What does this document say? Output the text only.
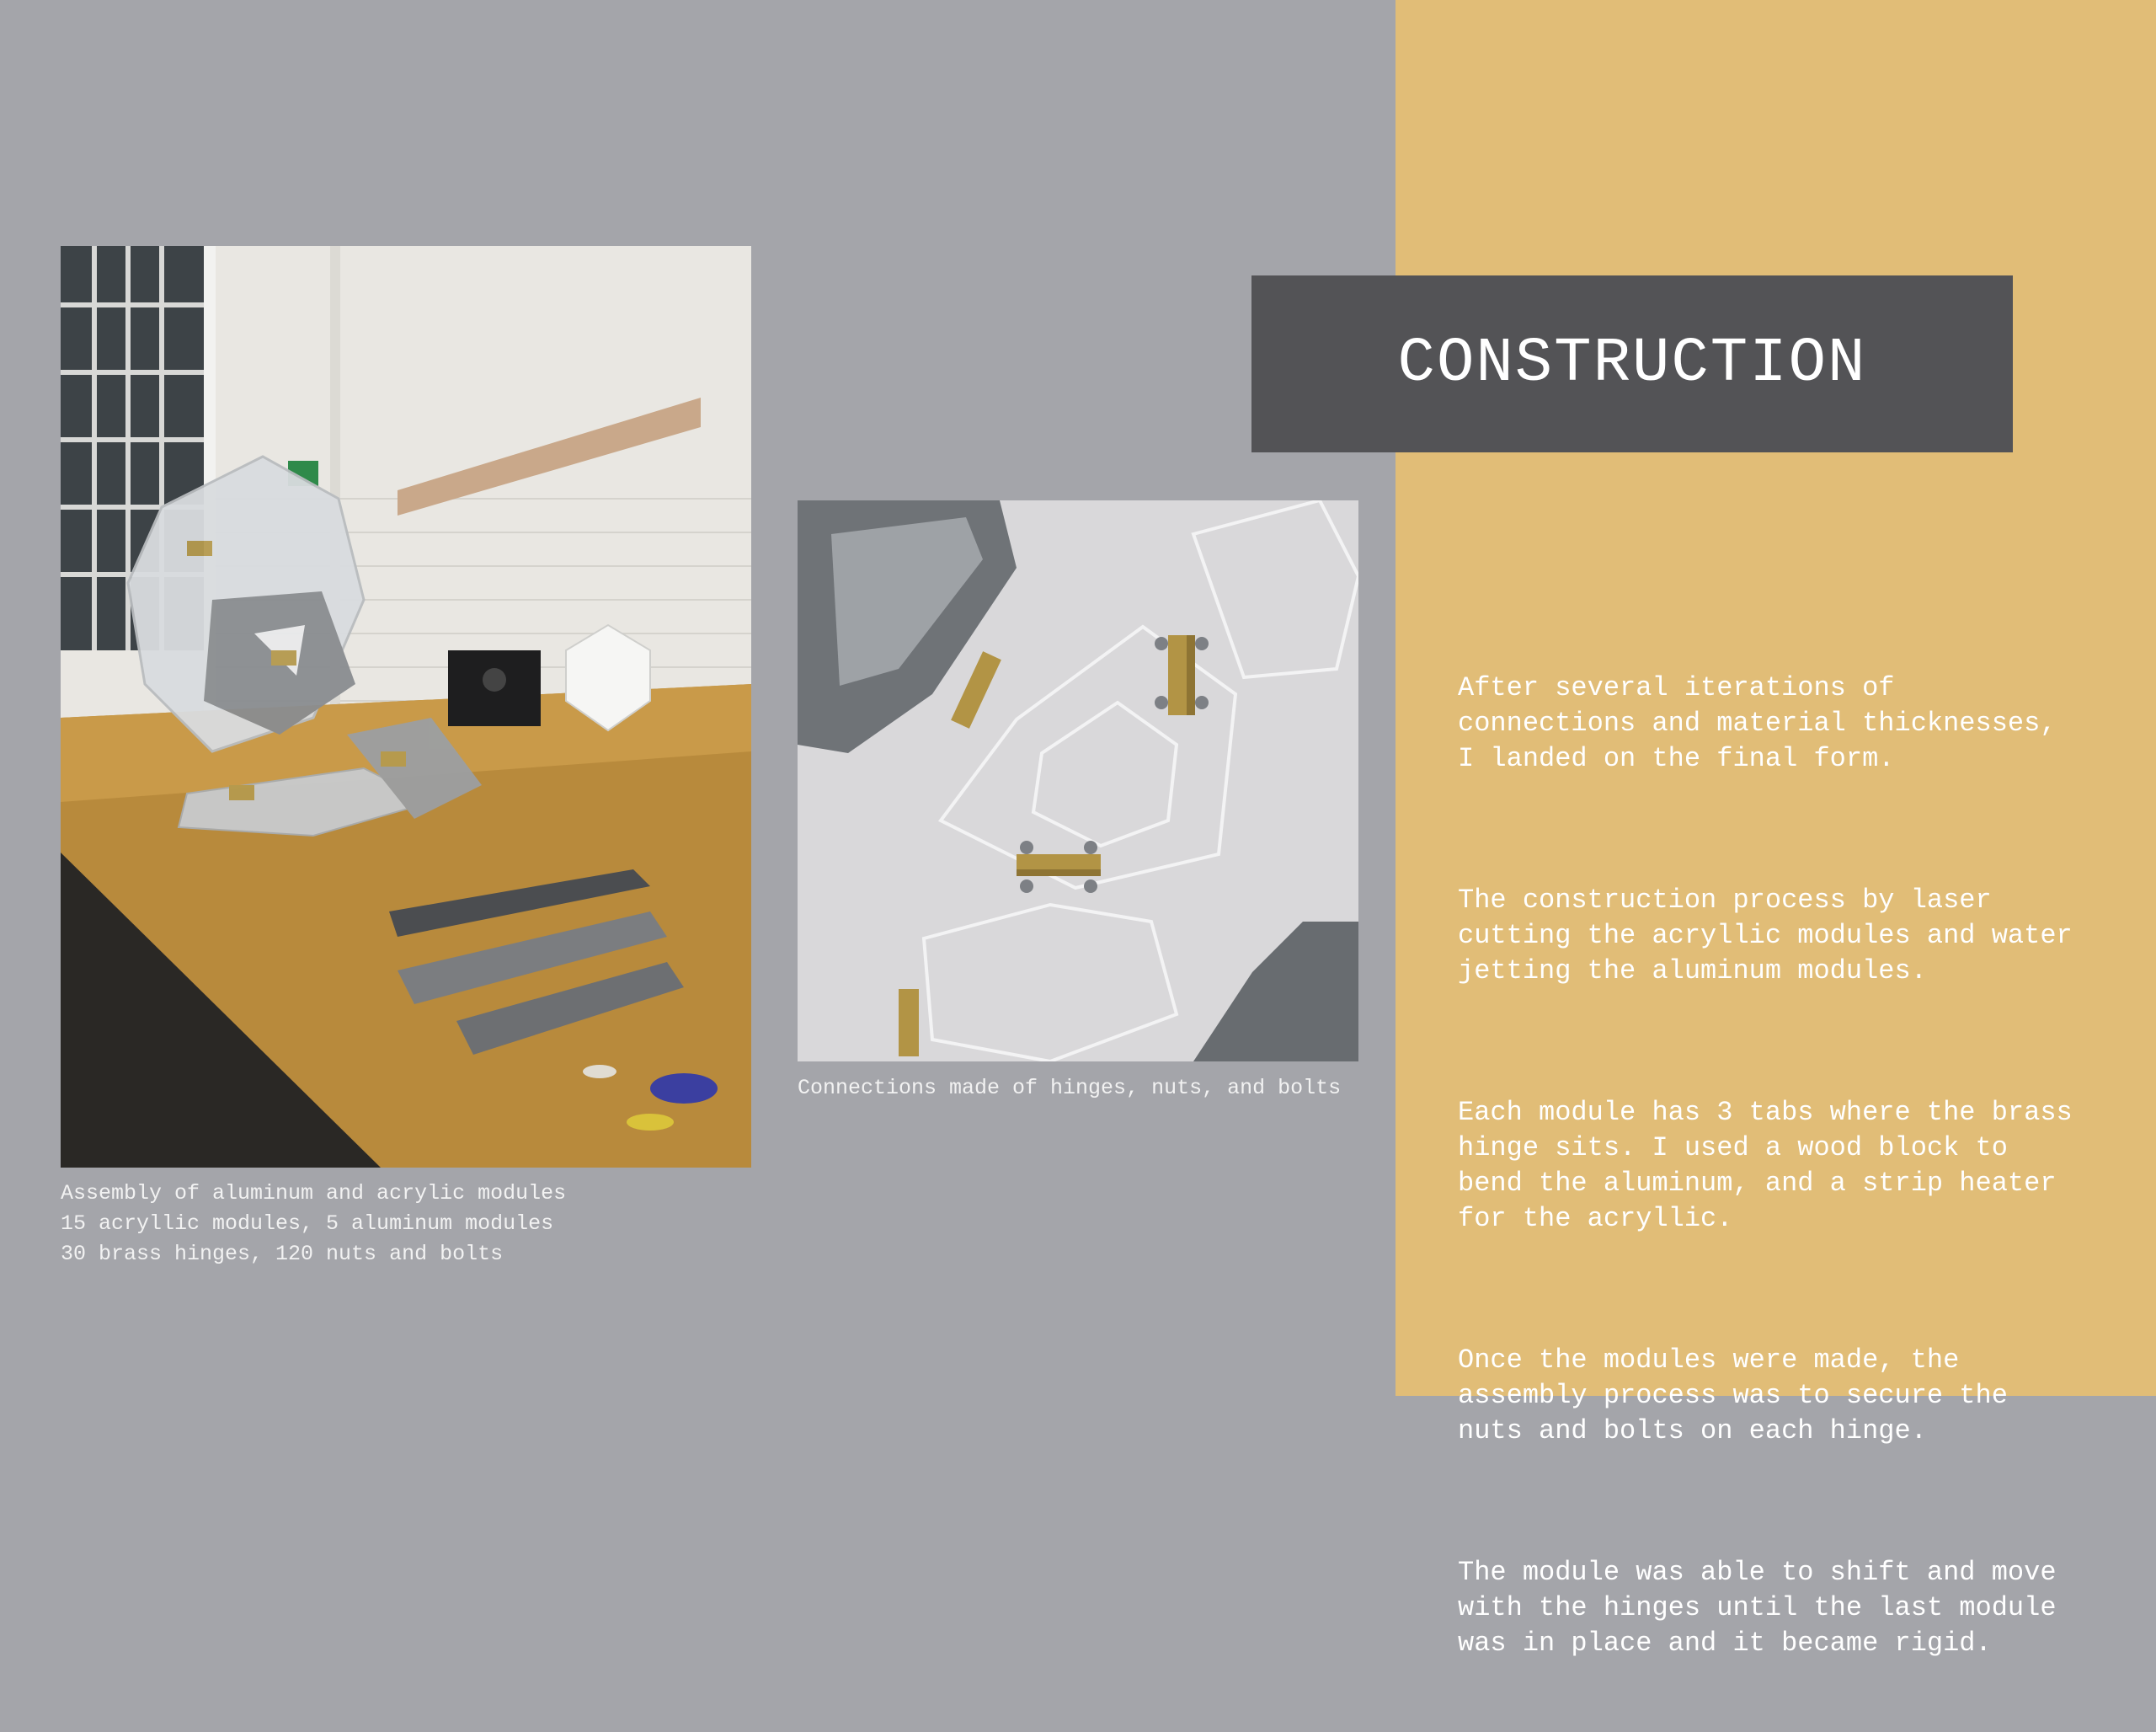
Assembly of aluminum and acrylic modules
15 acryllic modules, 5 aluminum modules
30 brass hinges, 120 nuts and bolts
Connections made of hinges, nuts, and bolts
CONSTRUCTION

After several iterations of
connections and material thicknesses,
I landed on the final form.

The construction process by laser
cutting the acryllic modules and water
jetting the aluminum modules.

Each module has 3 tabs where the brass
hinge sits. I used a wood block to
bend the aluminum, and a strip heater
for the acryllic.

Once the modules were made, the
assembly process was to secure the
nuts and bolts on each hinge.

The module was able to shift and move
with the hinges until the last module
was in place and it became rigid.
